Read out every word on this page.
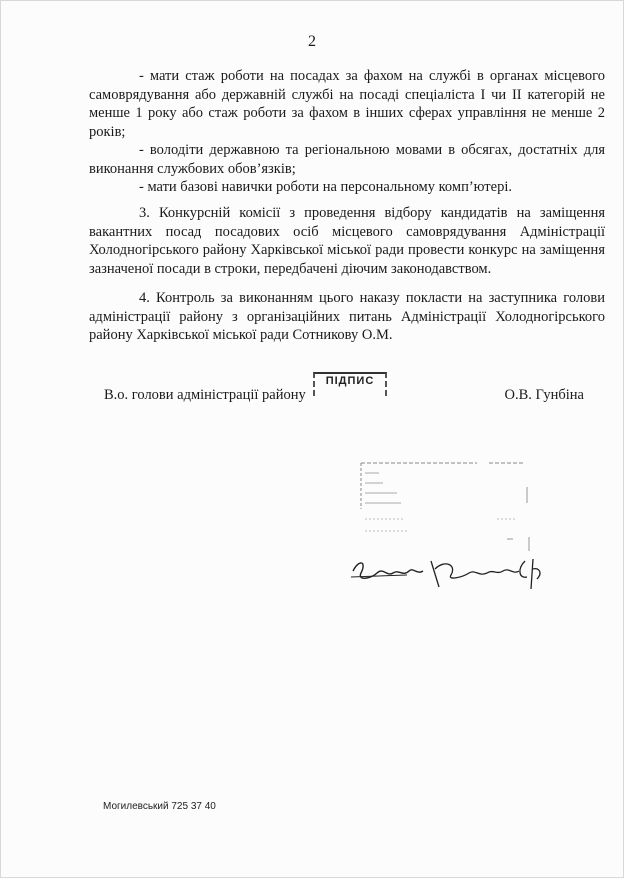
2

- мати стаж роботи на посадах за фахом на службі в органах місцевого самоврядування або державній службі на посаді спеціаліста І чи ІІ категорій не менше 1 року або стаж роботи за фахом в інших сферах управління не менше 2 років;

- володіти державною та регіональною мовами в обсягах, достатніх для виконання службових обов’язків;

- мати базові навички роботи на персональному комп’ютері.

3. Конкурсній комісії з проведення відбору кандидатів на заміщення вакантних посад посадових осіб місцевого самоврядування Адміністрації Холодногірського району Харківської міської ради провести конкурс на заміщення зазначеної посади в строки, передбачені діючим законодавством.

4. Контроль за виконанням цього наказу покласти на заступника голови адміністрації району з організаційних питань Адміністрації Холодногірського району Харківської міської ради Сотникову О.М.

В.о. голови адміністрації району	О.В. Гунбіна
ПІДПИС
Могилевський 725 37 40
